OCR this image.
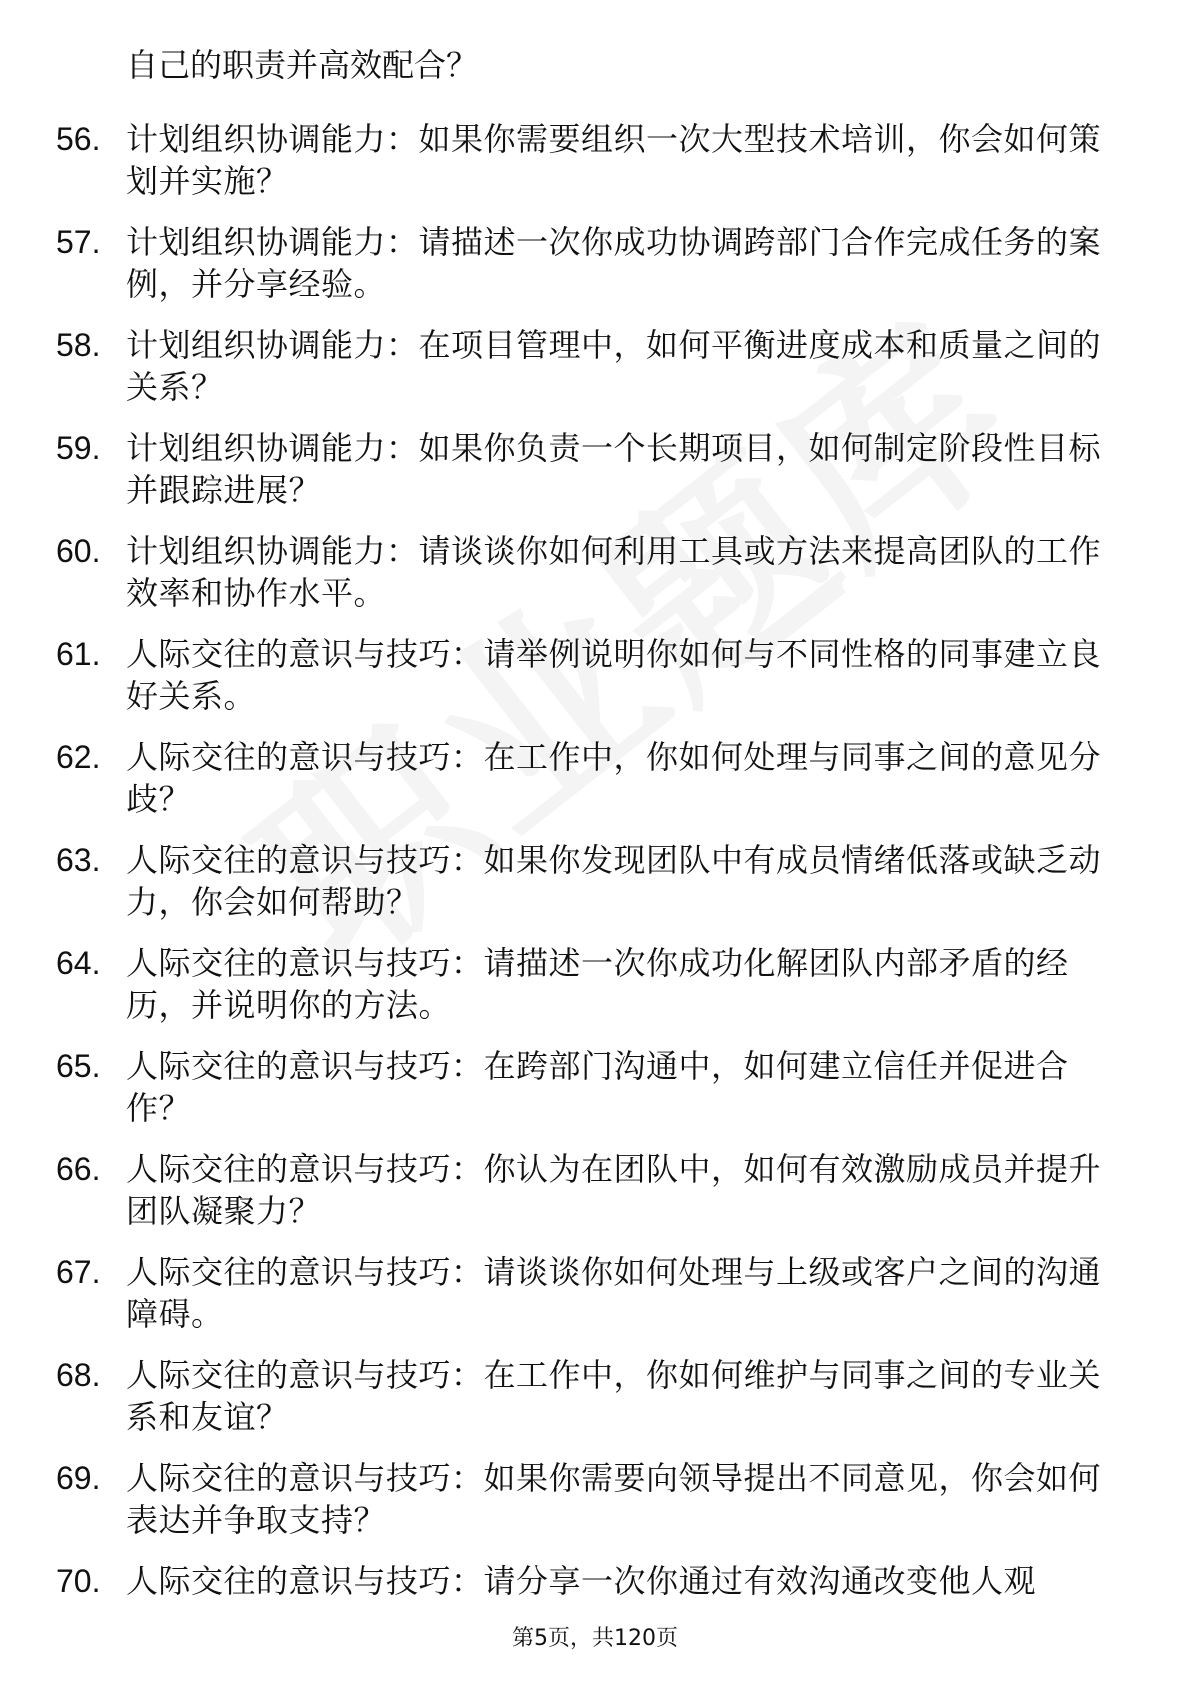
自己的职责并高效配合？
56. 计划组织协调能力：如果你需要组织一次大型技术培训，你会如何策划并实施？
57. 计划组织协调能力：请描述一次你成功协调跨部门合作完成任务的案例，并分享经验。
58. 计划组织协调能力：在项目管理中，如何平衡进度成本和质量之间的关系？
59. 计划组织协调能力：如果你负责一个长期项目，如何制定阶段性目标并跟踪进展？
60. 计划组织协调能力：请谈谈你如何利用工具或方法来提高团队的工作效率和协作水平。
61. 人际交往的意识与技巧：请举例说明你如何与不同性格的同事建立良好关系。
62. 人际交往的意识与技巧：在工作中，你如何处理与同事之间的意见分歧？
63. 人际交往的意识与技巧：如果你发现团队中有成员情绪低落或缺乏动力，你会如何帮助？
64. 人际交往的意识与技巧：请描述一次你成功化解团队内部矛盾的经历，并说明你的方法。
65. 人际交往的意识与技巧：在跨部门沟通中，如何建立信任并促进合作？
66. 人际交往的意识与技巧：你认为在团队中，如何有效激励成员并提升团队凝聚力？
67. 人际交往的意识与技巧：请谈谈你如何处理与上级或客户之间的沟通障碍。
68. 人际交往的意识与技巧：在工作中，你如何维护与同事之间的专业关系和友谊？
69. 人际交往的意识与技巧：如果你需要向领导提出不同意见，你会如何表达并争取支持？
70. 人际交往的意识与技巧：请分享一次你通过有效沟通改变他人观
第5页，共120页
